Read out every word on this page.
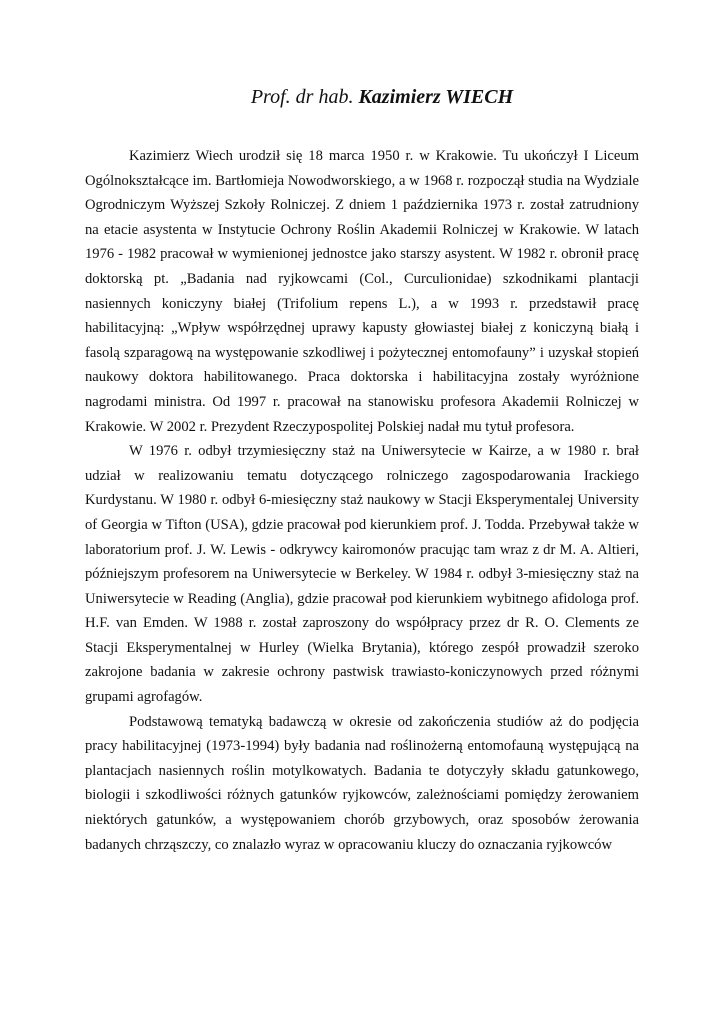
Prof. dr hab. Kazimierz WIECH

Kazimierz Wiech urodził się 18 marca 1950 r. w Krakowie. Tu ukończył I Liceum Ogólnokształcące im. Bartłomieja Nowodworskiego, a w 1968 r. rozpoczął studia na Wydziale Ogrodniczym Wyższej Szkoły Rolniczej. Z dniem 1 października 1973 r. został zatrudniony na etacie asystenta w Instytucie Ochrony Roślin Akademii Rolniczej w Krakowie. W latach 1976 - 1982 pracował w wymienionej jednostce jako starszy asystent. W 1982 r. obronił pracę doktorską pt. „Badania nad ryjkowcami (Col., Curculionidae) szkodnikami plantacji nasiennych koniczyny białej (Trifolium repens L.), a w 1993 r. przedstawił pracę habilitacyjną: „Wpływ współrzędnej uprawy kapusty głowiastej białej z koniczyną białą i fasolą szparagową na występowanie szkodliwej i pożytecznej entomofauny” i uzyskał stopień naukowy doktora habilitowanego. Praca doktorska i habilitacyjna zostały wyróżnione nagrodami ministra. Od 1997 r. pracował na stanowisku profesora Akademii Rolniczej w Krakowie. W 2002 r. Prezydent Rzeczypospolitej Polskiej nadał mu tytuł profesora.

W 1976 r. odbył trzymiesięczny staż na Uniwersytecie w Kairze, a w 1980 r. brał udział w realizowaniu tematu dotyczącego rolniczego zagospodarowania Irackiego Kurdystanu. W 1980 r. odbył 6-miesięczny staż naukowy w Stacji Eksperymentalej University of Georgia w Tifton (USA), gdzie pracował pod kierunkiem prof. J. Todda. Przebywał także w laboratorium prof. J. W. Lewis - odkrywcy kairomonów pracując tam wraz z dr M. A. Altieri, późniejszym profesorem na Uniwersytecie w Berkeley. W 1984 r. odbył 3-miesięczny staż na Uniwersytecie w Reading (Anglia), gdzie pracował pod kierunkiem wybitnego afidologa prof. H.F. van Emden. W 1988 r. został zaproszony do współpracy przez dr R. O. Clements ze Stacji Eksperymentalnej w Hurley (Wielka Brytania), którego zespół prowadził szeroko zakrojone badania w zakresie ochrony pastwisk trawiasto-koniczynowych przed różnymi grupami agrofagów.

Podstawową tematyką badawczą w okresie od zakończenia studiów aż do podjęcia pracy habilitacyjnej (1973-1994) były badania nad roślinożerną entomofauną występującą na plantacjach nasiennych roślin motylkowatych. Badania te dotyczyły składu gatunkowego, biologii i szkodliwości różnych gatunków ryjkowców, zależnościami pomiędzy żerowaniem niektórych gatunków, a występowaniem chorób grzybowych, oraz sposobów żerowania badanych chrząszczy, co znalazło wyraz w opracowaniu kluczy do oznaczania ryjkowców
